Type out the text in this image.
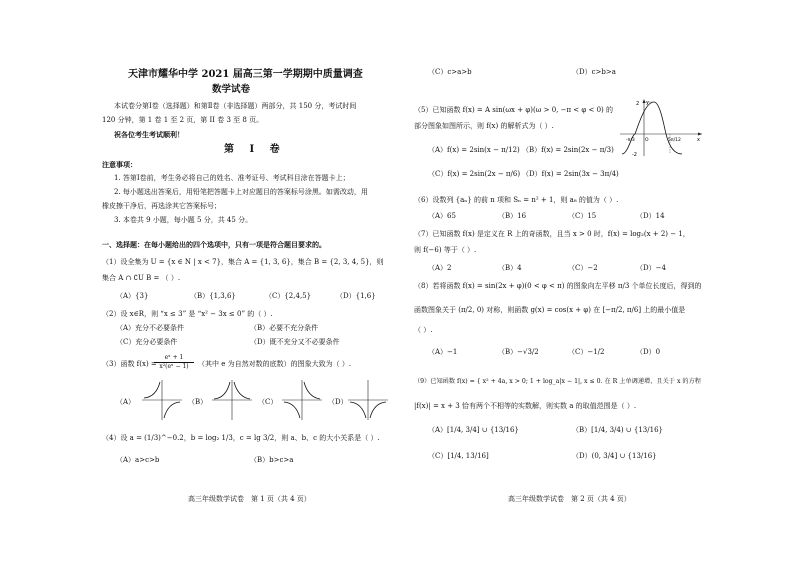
天津市耀华中学 2021 届高三第一学期期中质量调查
数学试卷
本试卷分第Ⅰ卷（选择题）和第Ⅱ卷（非选择题）两部分，共 150 分，考试时间
120 分钟，第 1 卷 1 至 2 页，第 II 卷 3 至 8 页。
祝各位考生考试顺利！
第 Ⅰ 卷
注意事项：
1. 答第Ⅰ卷前，考生务必将自己的姓名、准考证号、考试科目涂在答题卡上；
2. 每小题选出答案后，用铅笔把答题卡上对应题目的答案标号涂黑。如需改动，用
橡皮擦干净后，再选涂其它答案标号；
3. 本卷共 9 小题，每小题 5 分，共 45 分。
一、选择题：在每小题给出的四个选项中，只有一项是符合题目要求的。
（1）设全集为 U = {x ∈ N | x < 7}，集合 A = {1, 3, 6}，集合 B = {2, 3, 4, 5}，则
集合 A ∩ ∁U B = （ ）.
（A）{3}	（B）{1,3,6}	（C）{2,4,5}	（D）{1,6}
（2）设 x∈R，则 “x ≤ 3” 是 “x² − 3x ≤ 0” 的（ ）.
（A）充分不必要条件	（B）必要不充分条件
（C）充分必要条件	（D）既不充分又不必要条件
（3）函数 f(x) =
$\frac{\text{eˣ + 1}}{\text{x²(eˣ − 1)}}$ （其中 e 为自然对数的底数）的图象大致为（ ）.
（A）	（B）	（C）	（D）
（4）设 a = (1/3)^−0.2，b = log₂ 1/3，c = lg 3/2，则 a、b、c 的大小关系是（ ）.
（A）a>c>b	（B）b>c>a
高三年级数学试卷　第 1 页（共 4 页）
（C）c>a>b	（D）c>b>a
（5）已知函数 f(x) = A sin(ωx + φ)(ω > 0, −π < φ < 0) 的
部分图象如图所示，则 f(x) 的解析式为（ ）.
2
-2
-π/3 O	5π/12	x
y
（A）f(x) = 2sin(x − π/12) （B）f(x) = 2sin(2x − π/3)
（C）f(x) = 2sin(2x − π/6) （D）f(x) = 2sin(3x − 3π/4)
（6）设数列 {aₙ} 的前 n 项和 Sₙ = n² + 1，则 a₈ 的值为（ ）.
（A）65	（B）16	（C）15	（D）14
（7）已知函数 f(x) 是定义在 R 上的奇函数，且当 x > 0 时，f(x) = log₂(x + 2) − 1，
则 f(−6) 等于（ ）.
（A）2	（B）4	（C）−2	（D）−4
（8）若将函数 f(x) = sin(2x + φ)(0 < φ < π) 的图象向左平移 π/3 个单位长度后，得到的
函数图象关于 (π/2, 0) 对称，则函数 g(x) = cos(x + φ) 在 [−π/2, π/6] 上的最小值是
（ ）.
（A）−1	（B）−√3/2	（C）−1/2	（D）0
（9）已知函数 f(x) = { x² + 4a, x > 0; 1 + log_a|x − 1|, x ≤ 0. 在 R 上单调递增，且关于 x 的方程
|f(x)| = x + 3 恰有两个不相等的实数解，则实数 a 的取值范围是（ ）.
（A）[1/4, 3/4] ∪ {13/16}	（B）[1/4, 3/4) ∪ {13/16}
（C）[1/4, 13/16]	（D）(0, 3/4] ∪ {13/16}
高三年级数学试卷　第 2 页（共 4 页）
